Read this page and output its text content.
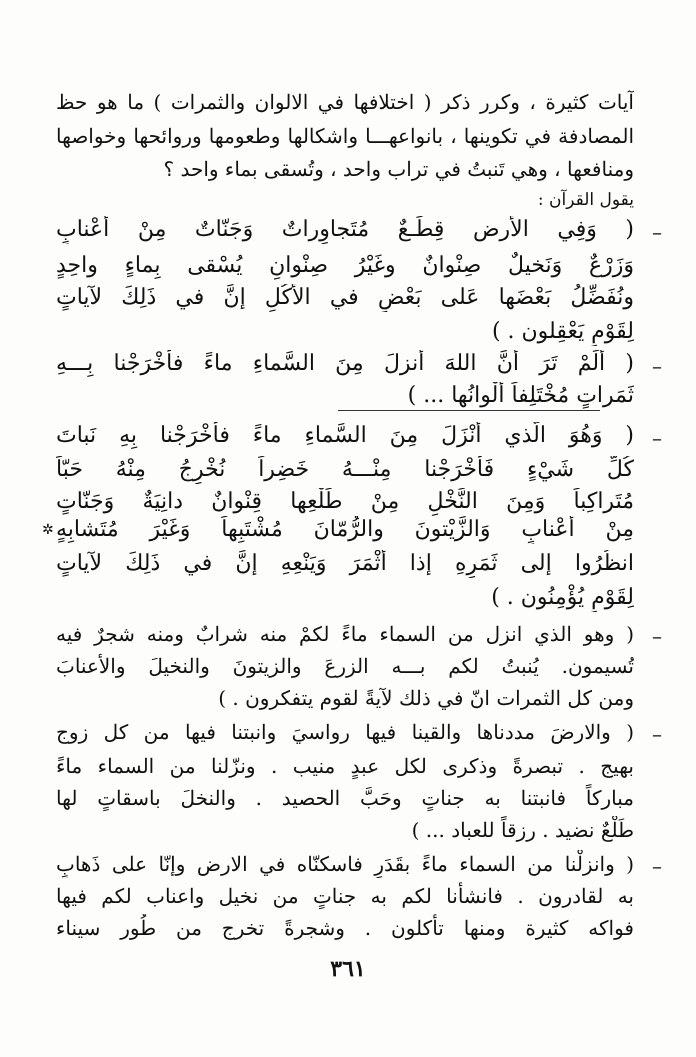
آيات كثيرة ، وكرر ذكر ( اختلافها في الالوان والثمرات ) ما هو حظ
المصادفة في تكوينها ، بانواعهـــا واشكالها وطعومها وروائحها وخواصها
ومنافعها ، وهي تَنبتُ في تراب واحد ، وتُسقى بماء واحد ؟
يقول القرآن :
–
( وَفِي الأرضِ قِطَـعٌ مُتَجاوِراتٌ وَجَنّاتٌ مِنْ أعْنابٍ
وَزَرْعٌ وَنَخيلٌ صِنْوانٌ وغَيْرُ صِنْوانٍ يُسْقى بِماءٍ واحِدٍ
ونُفَضِّلُ بَعْضَها عَلى بَعْضٍ في الأُكُلِ إنَّ في ذَلِكَ لآياتٍ
لِقَوْمٍ يَعْقِلون . )
–
( أَلَمْ تَرَ أَنَّ اللهَ أنزلَ مِنَ السَّماءِ ماءً فأخْرَجْنا بِـــهِ
ثَمَراتٍ مُخْتَلِفاً أَلْوانُها ... )
–
( وَهُوَ الّذي أَنْزَلَ مِنَ السَّماءِ ماءً فأخْرَجْنا بِهِ نَباتَ
كُلِّ شَيْءٍ فَأخْرَجْنا مِنْـــهُ خَضِراً نُخْرِجُ مِنْهُ حَبّاً
مُتَراكِباً وَمِنَ النَّخْلِ مِنْ طَلْعِها قِنْوانٌ دانِيَةٌ وَجَنّاتٍ
✲ مِنْ أعْنابٍ وَالزَّيْتونَ والرُّمّانَ مُشْتَبِهاً وَغَيْرَ مُتَشابِهٍ
انظُرُوا إلى ثَمَرِهِ إذا أثْمَرَ وَيَنْعِهِ إنَّ في ذَلِكَ لآياتٍ
لِقَوْمٍ يُؤْمِنُون . )
–
( وهو الذي انزل من السماء ماءً لكمْ منه شرابٌ ومنه شجرٌ فيه
تُسيمون. يُنبتُ لكم بـــه الزرعَ والزيتونَ والنخيلَ والأعنابَ
ومن كل الثمرات انّ في ذلك لآيةً لقوم يتفكرون . )
–
( والارضَ مددناها والقينا فيها رواسيَ وانبتنا فيها من كل زوج
بهيج . تبصرةً وذكرى لكل عبدٍ منيب . ونزّلنا من السماء ماءً
مباركاً فانبتنا به جناتٍ وحَبَّ الحصيد . والنخلَ باسقاتٍ لها
طَلْعٌ نضيد . رزقاً للعباد ... )
–
( وانزلْنا من السماء ماءً بقَدَرٍ فاسكنّاه في الارض وإنّا على ذَهابٍ
به لقادرون . فانشأنا لكم به جناتٍ من نخيل واعناب لكم فيها
فواكه كثيرة ومنها تأكلون . وشجرةً تخرج من طُور سيناء
٣٦١
